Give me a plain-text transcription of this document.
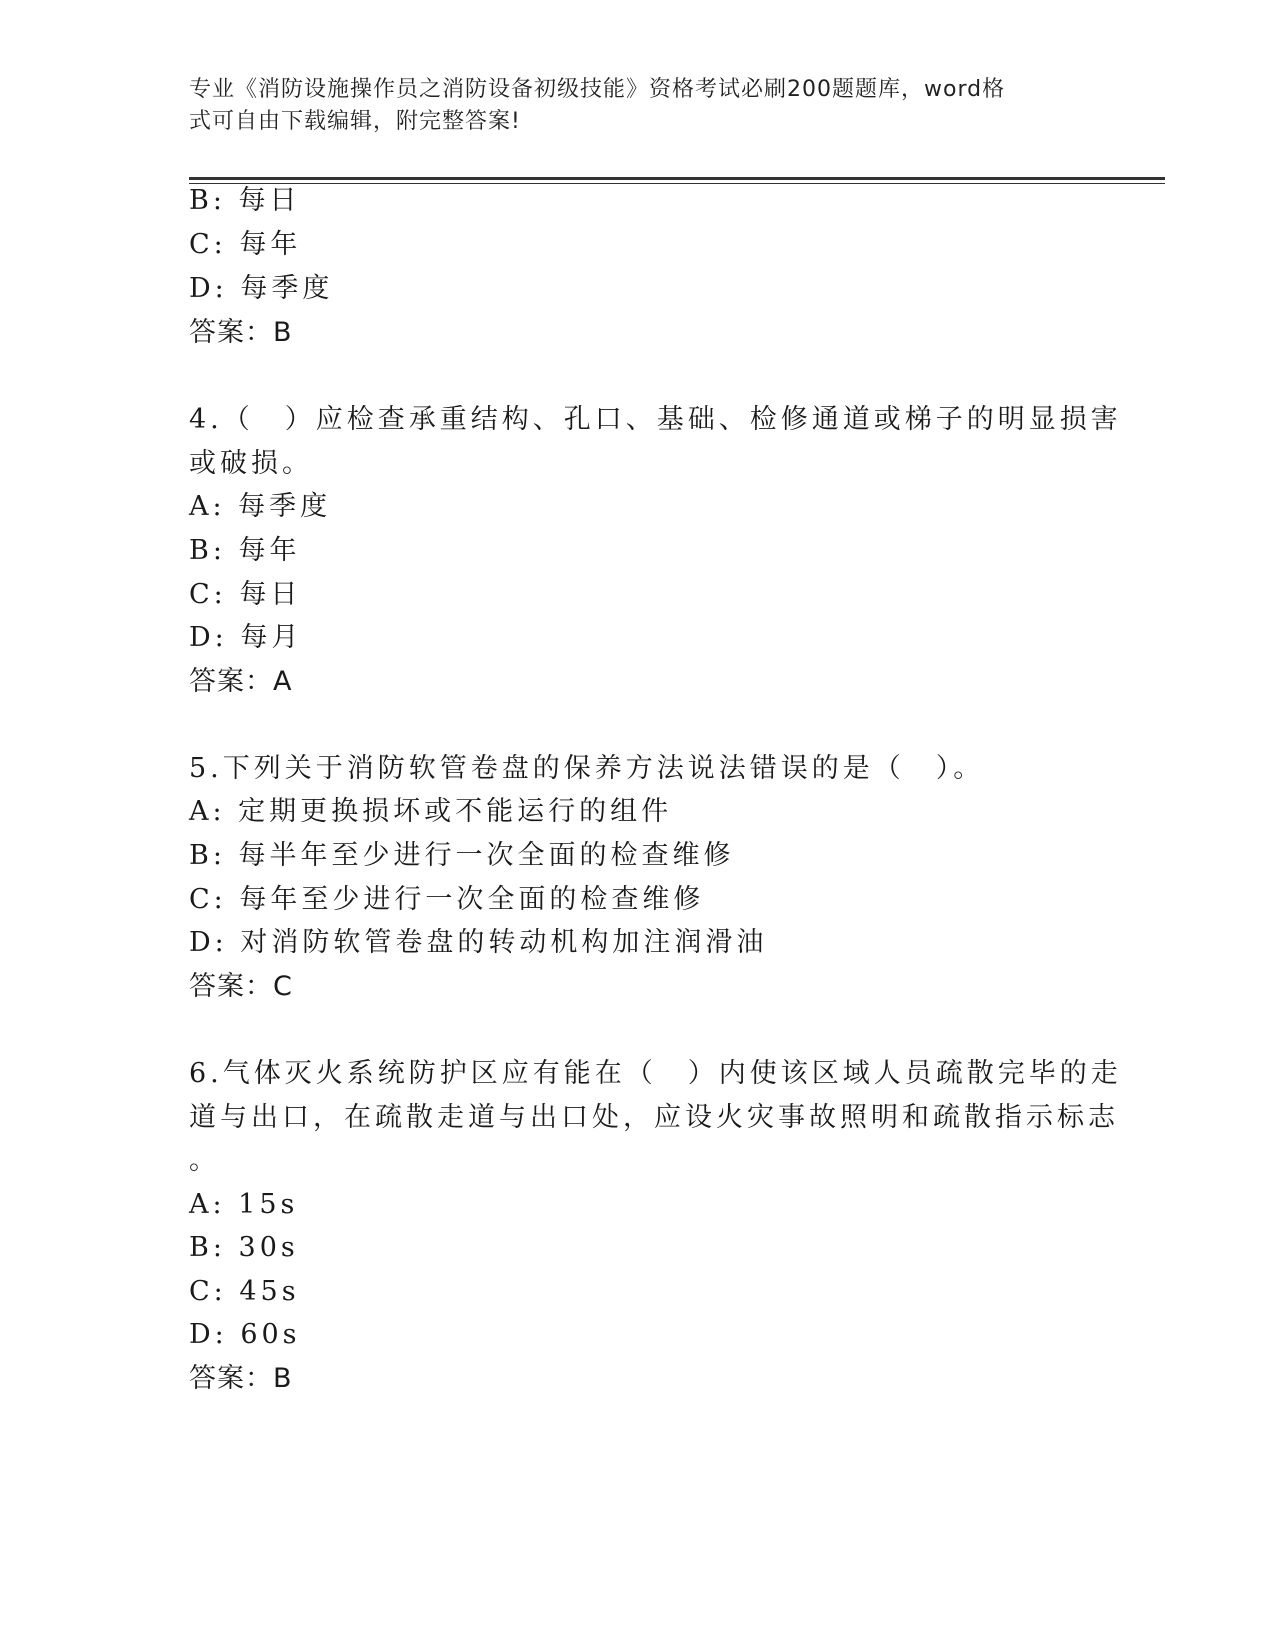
专业《消防设施操作员之消防设备初级技能》资格考试必刷200题题库，word格
式可自由下载编辑，附完整答案!
B: 每日
C: 每年
D: 每季度
答案：B
4.（　）应检查承重结构、孔口、基础、检修通道或梯子的明显损害
或破损。
A: 每季度
B: 每年
C: 每日
D: 每月
答案：A
5.下列关于消防软管卷盘的保养方法说法错误的是（　）。
A: 定期更换损坏或不能运行的组件
B: 每半年至少进行一次全面的检查维修
C: 每年至少进行一次全面的检查维修
D: 对消防软管卷盘的转动机构加注润滑油
答案：C
6.气体灭火系统防护区应有能在（　）内使该区域人员疏散完毕的走
道与出口，在疏散走道与出口处，应设火灾事故照明和疏散指示标志
。
A: 15s
B: 30s
C: 45s
D: 60s
答案：B
